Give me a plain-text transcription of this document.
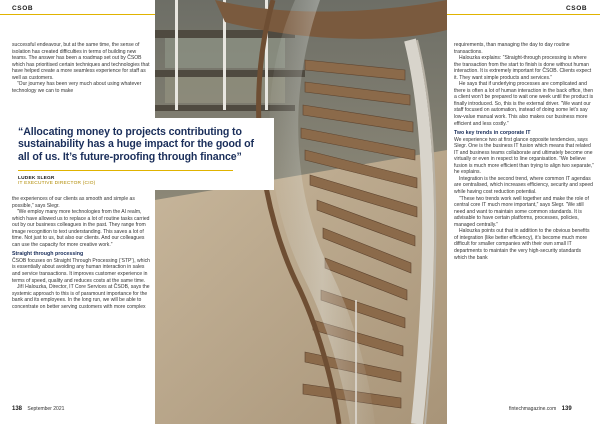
CSOB	CSOB

successful endeavour, but at the same time, the sense of isolation has created difficulties in terms of building new teams. The answer has been a roadmap set out by ČSOB which has prioritised certain techniques and technologies that have helped create a more seamless experience for staff as well as customers.

“Our journey has been very much about using whatever technology we can to make

“Allocating money to projects contributing to sustainability has a huge impact for the good of all of us. It’s future-proofing through finance”
LUDEK SLEGR
IT EXECUTIVE DIRECTOR (CIO)

the experiences of our clients as smooth and simple as possible,” says Slegr.

“We employ many more technologies from the AI realm, which have allowed us to replace a lot of routine tasks carried out by our business colleagues in the past. They range from image recognition to text understanding. This saves a lot of time. Not just to us, but also our clients. And our colleagues can use the capacity for more creative work.”

Straight through processing

ČSOB focuses on Straight Through Processing (‘STP’), which is essentially about avoiding any human interaction in sales and service transactions. It improves customer experience in terms of speed, quality and reduces costs at the same time.

Jiří Halouzka, Director, IT Core Services at ČSOB, says the systemic approach to this is of paramount importance for the bank and its employees. In the long run, we will be able to concentrate on better serving customers with more complex

requirements, than managing the day to day routine transactions.

Halouzka explains: “Straight-through processing is where the transaction from the start to finish is done without human interaction. It is extremely important for ČSOB. Clients expect it. They want simple products and services.”

He says that if underlying processes are complicated and there is often a lot of human interaction in the back office, then a client won’t be prepared to wait one week until the product is finally introduced. So, this is the external driver. “We want our staff focused on automation, instead of doing some let’s say low-value manual work. This also makes our business more efficient and less costly.”

Two key trends in corporate IT

We experience two at first glance opposite tendencies, says Slegr. One is the business IT fusion which means that related IT and business teams collaborate and ultimately become one virtually or even in respect to line organisation. “We believe fusion is much more efficient than trying to align two separate,” he explains.

Integration is the second trend, where common IT agendas are centralised, which increases efficiency, security and speed while having cost reduction potential.

“These two trends work well together and make the role of central core IT much more important,” says Slegr. “We still need and want to maintain some common standards. It is advisable to have certain platforms, processes, policies, managed centrally.”

Halouzka points out that in addition to the obvious benefits of integration (like better efficiency), it’s become much more difficult for smaller companies with their own small IT departments to maintain the very high-security standards which the bank

138 September 2021	fintechmagazine.com 139
